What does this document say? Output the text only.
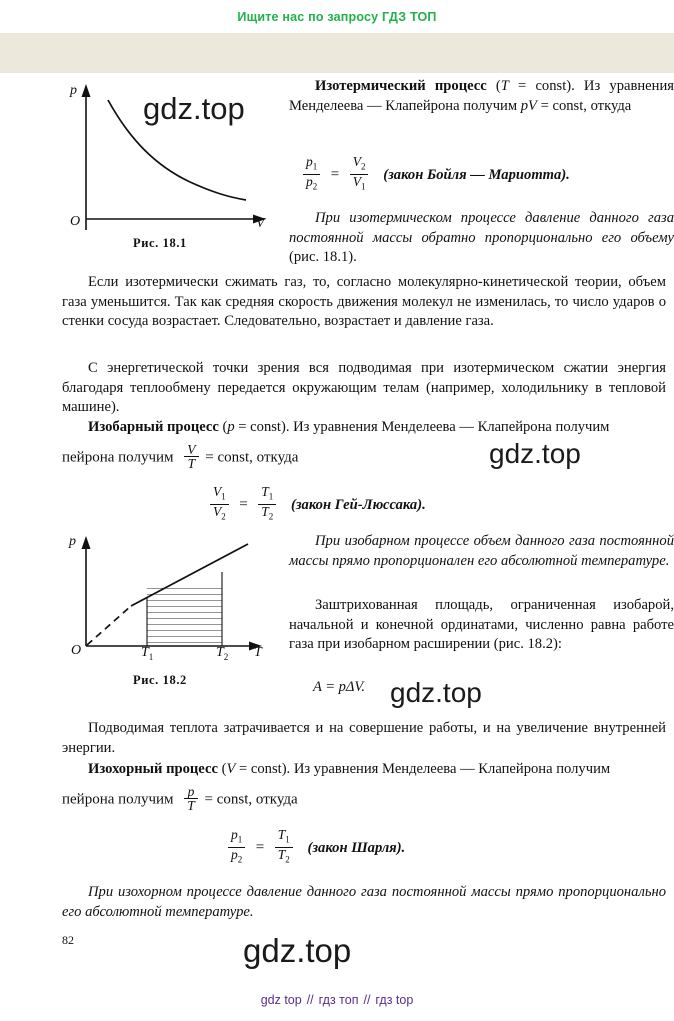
Ищите нас по запросу ГДЗ ТОП
p
V
O
Рис. 18.1
gdz.top

Изотермический процесс (T = const). Из уравнения Менделеева — Клапейрона получим pV = const, откуда

$\frac{p_1}{p_2} = \frac{V_2}{V_1}$ (закон Бойля — Мариотта).

При изотермическом процессе давление данного газа постоянной массы обратно пропорционально его объему (рис. 18.1).

Если изотермически сжимать газ, то, согласно молекулярно-кинетической теории, объем газа уменьшится. Так как средняя скорость движения молекул не изменилась, то число ударов о стенки сосуда возрастает. Следовательно, возрастает и давление газа.

С энергетической точки зрения вся подводимая при изотермическом сжатии энергия благодаря теплообмену передается окружающим телам (например, холодильнику в тепловой машине).

Изобарный процесс (p = const). Из уравнения Менделеева — Клапейрона получим

пейрона получим $\frac{V}{T}$ = const, откуда	gdz.top
$\frac{V_1}{V_2} = \frac{T_1}{T_2}$ (закон Гей-Люссака).
p
T
O	$T_1$	$T_2$
Рис. 18.2

При изобарном процессе объем данного газа постоянной массы прямо пропорционален его абсолютной температуре.

Заштрихованная площадь, ограниченная изобарой, начальной и конечной ординатами, численно равна работе газа при изобарном расширении (рис. 18.2):

A = pΔV. gdz.top

Подводимая теплота затрачивается и на совершение работы, и на увеличение внутренней энергии.

Изохорный процесс (V = const). Из уравнения Менделеева — Клапейрона получим

пейрона получим $\frac{p}{T}$ = const, откуда
$\frac{p_1}{p_2} = \frac{T_1}{T_2}$ (закон Шарля).

При изохорном процессе давление данного газа постоянной массы прямо пропорционально его абсолютной температуре.

82	gdz.top
gdz top // гдз топ // гдз top
